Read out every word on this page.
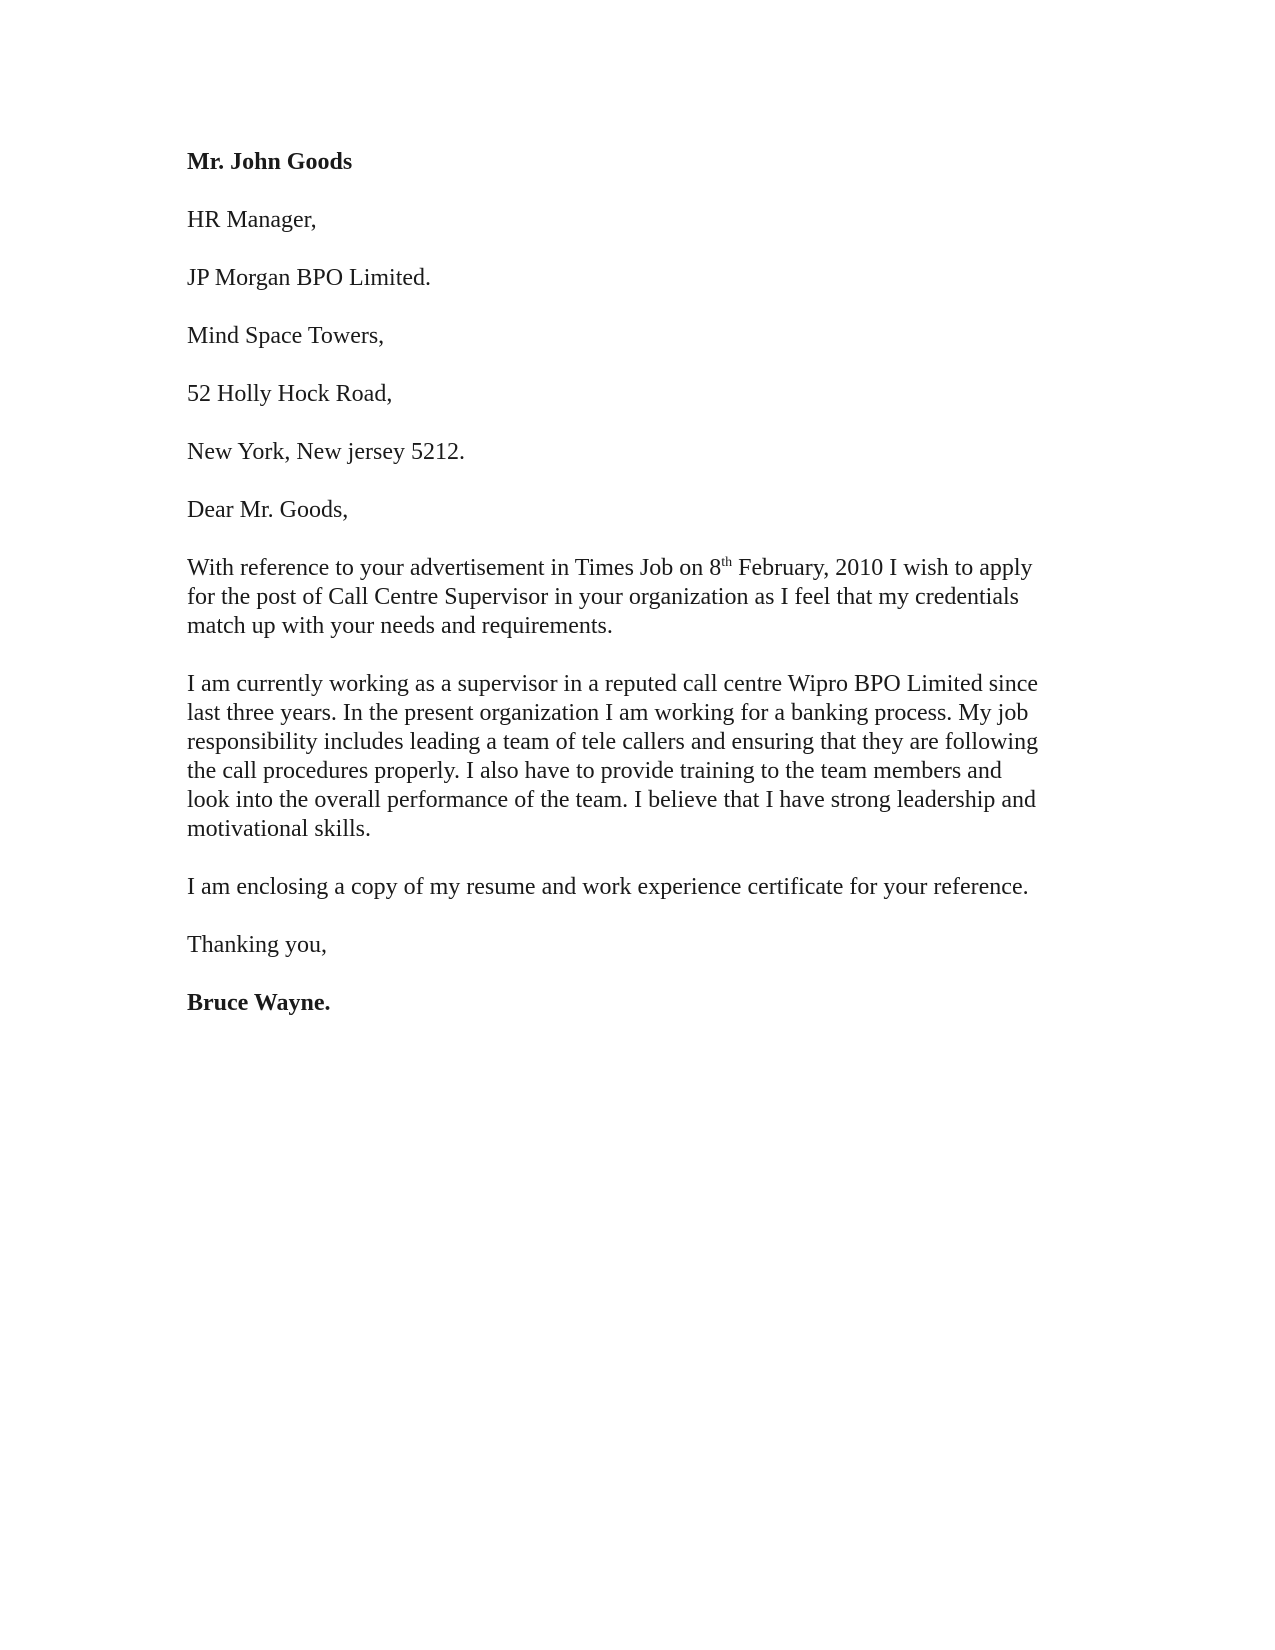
Mr. John Goods
HR Manager,
JP Morgan BPO Limited.
Mind Space Towers,
52 Holly Hock Road,
New York, New jersey 5212.
Dear Mr. Goods,
With reference to your advertisement in Times Job on 8th February, 2010 I wish to apply
for the post of Call Centre Supervisor in your organization as I feel that my credentials
match up with your needs and requirements.
I am currently working as a supervisor in a reputed call centre Wipro BPO Limited since
last three years. In the present organization I am working for a banking process. My job
responsibility includes leading a team of tele callers and ensuring that they are following
the call procedures properly. I also have to provide training to the team members and
look into the overall performance of the team. I believe that I have strong leadership and
motivational skills.
I am enclosing a copy of my resume and work experience certificate for your reference.
Thanking you,
Bruce Wayne.
